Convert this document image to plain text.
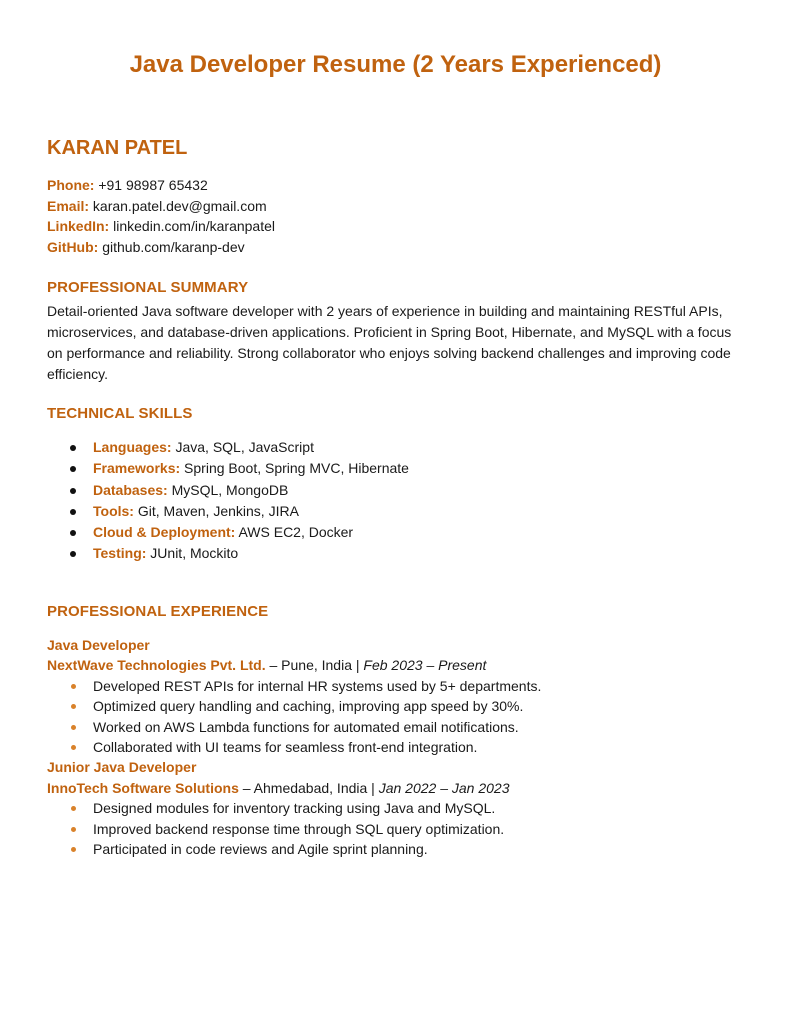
Java Developer Resume (2 Years Experienced)
KARAN PATEL
Phone: +91 98987 65432
Email: karan.patel.dev@gmail.com
LinkedIn: linkedin.com/in/karanpatel
GitHub: github.com/karanp-dev
PROFESSIONAL SUMMARY

Detail-oriented Java software developer with 2 years of experience in building and maintaining RESTful APIs, microservices, and database-driven applications. Proficient in Spring Boot, Hibernate, and MySQL with a focus on performance and reliability. Strong collaborator who enjoys solving backend challenges and improving code efficiency.

TECHNICAL SKILLS
Languages: Java, SQL, JavaScript
Frameworks: Spring Boot, Spring MVC, Hibernate
Databases: MySQL, MongoDB
Tools: Git, Maven, Jenkins, JIRA
Cloud & Deployment: AWS EC2, Docker
Testing: JUnit, Mockito
PROFESSIONAL EXPERIENCE
Java Developer
NextWave Technologies Pvt. Ltd. – Pune, India | Feb 2023 – Present
Developed REST APIs for internal HR systems used by 5+ departments.
Optimized query handling and caching, improving app speed by 30%.
Worked on AWS Lambda functions for automated email notifications.
Collaborated with UI teams for seamless front-end integration.
Junior Java Developer
InnoTech Software Solutions – Ahmedabad, India | Jan 2022 – Jan 2023
Designed modules for inventory tracking using Java and MySQL.
Improved backend response time through SQL query optimization.
Participated in code reviews and Agile sprint planning.
